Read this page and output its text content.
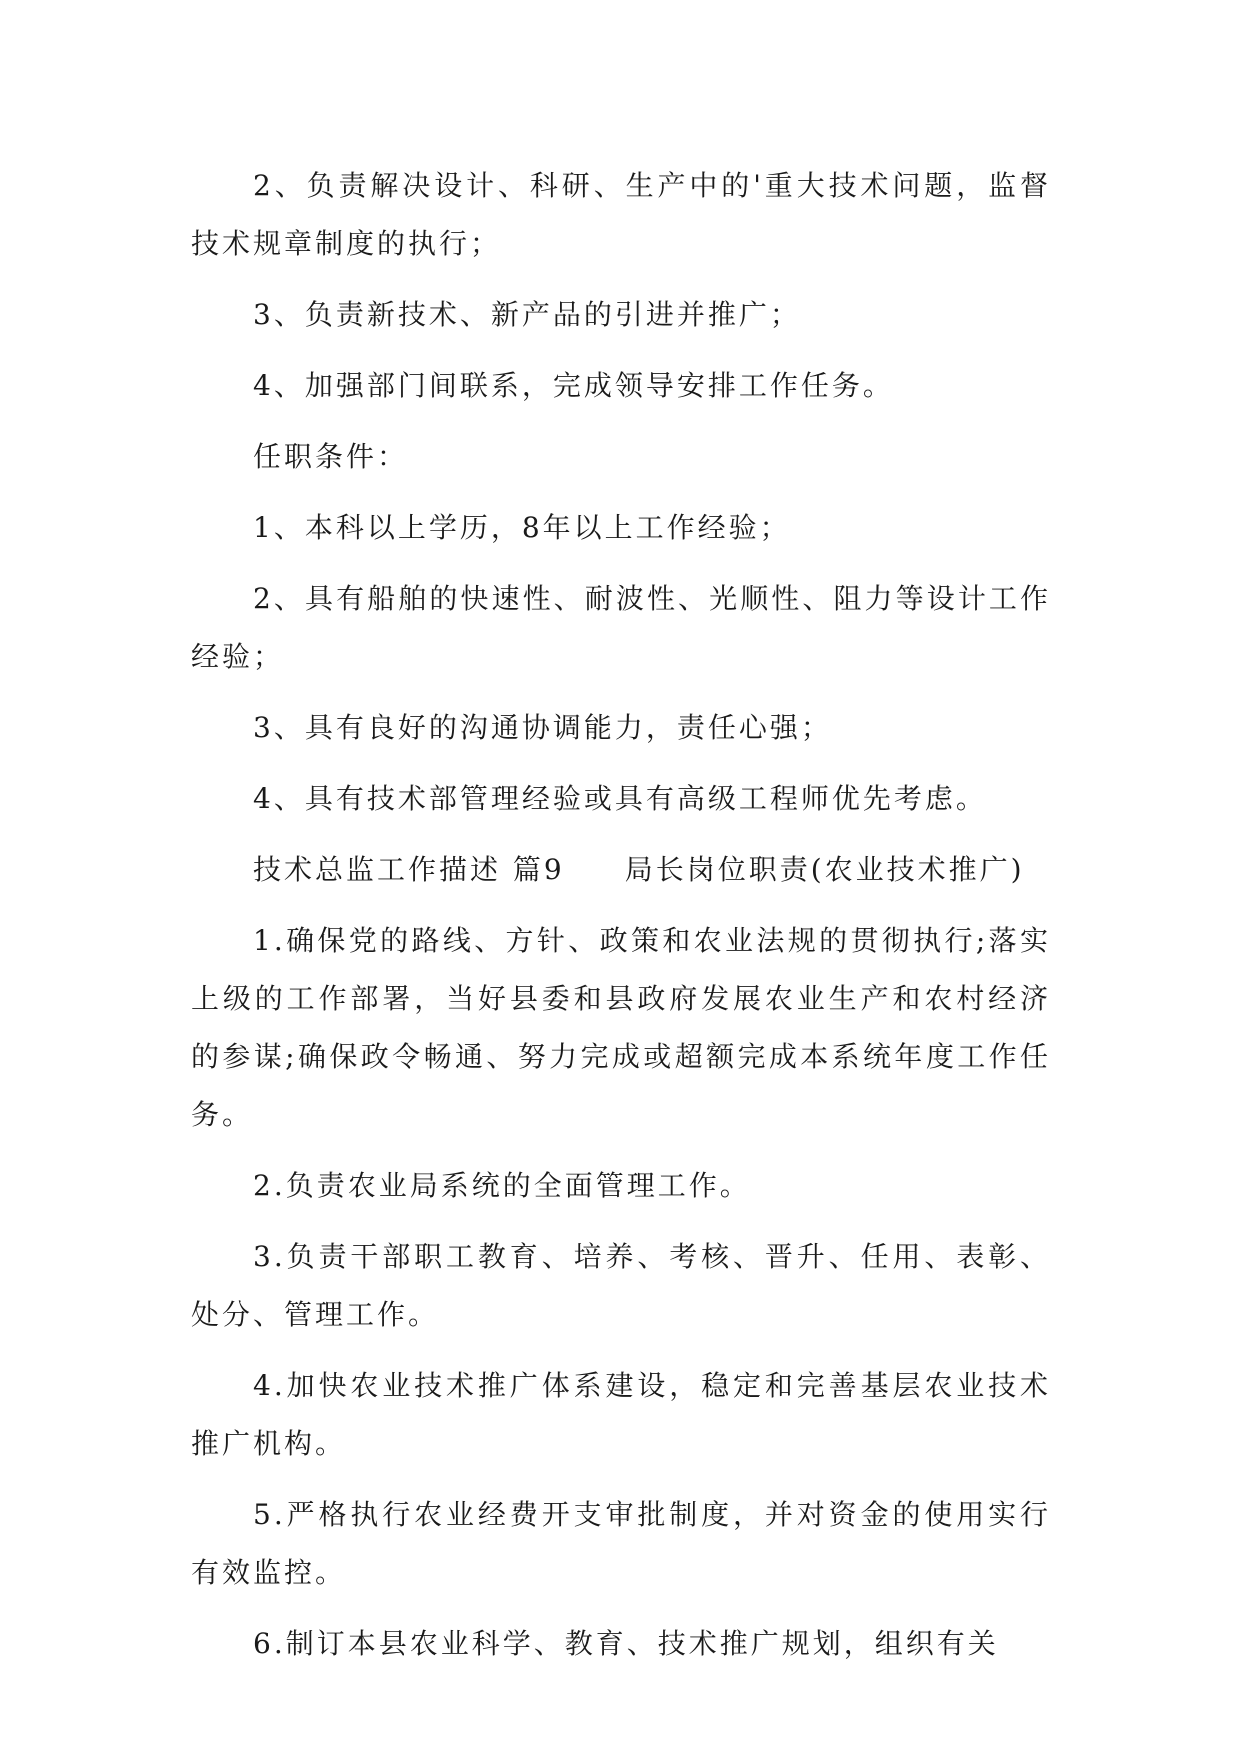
2、负责解决设计、科研、生产中的'重大技术问题，监督技术规章制度的执行；

3、负责新技术、新产品的引进并推广；

4、加强部门间联系，完成领导安排工作任务。

任职条件：

1、本科以上学历，8年以上工作经验；

2、具有船舶的快速性、耐波性、光顺性、阻力等设计工作经验；

3、具有良好的沟通协调能力，责任心强；

4、具有技术部管理经验或具有高级工程师优先考虑。

技术总监工作描述 篇9 局长岗位职责(农业技术推广)

1.确保党的路线、方针、政策和农业法规的贯彻执行;落实上级的工作部署，当好县委和县政府发展农业生产和农村经济的参谋;确保政令畅通、努力完成或超额完成本系统年度工作任务。

2.负责农业局系统的全面管理工作。

3.负责干部职工教育、培养、考核、晋升、任用、表彰、处分、管理工作。

4.加快农业技术推广体系建设，稳定和完善基层农业技术推广机构。

5.严格执行农业经费开支审批制度，并对资金的使用实行有效监控。

6.制订本县农业科学、教育、技术推广规划，组织有关
